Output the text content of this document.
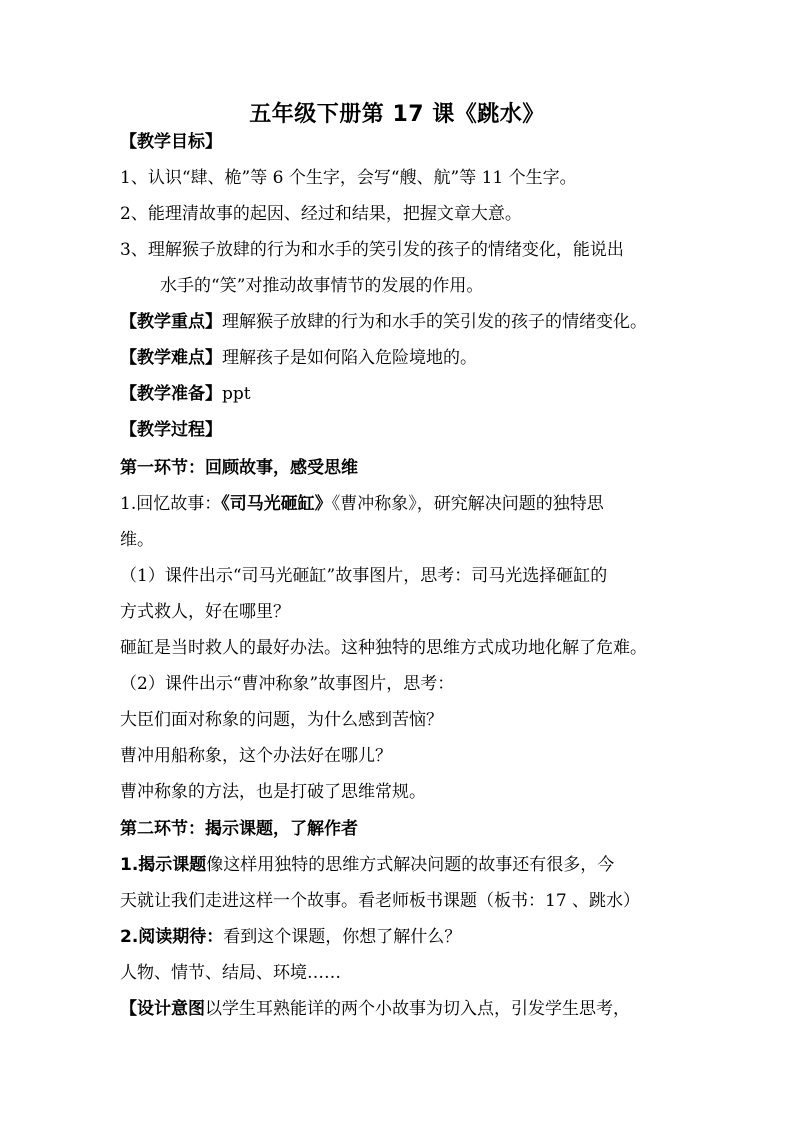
五年级下册第 17 课《跳水》
【教学目标】
1、认识“肆、桅”等 6 个生字，会写“艘、航”等 11 个生字。
2、能理清故事的起因、经过和结果，把握文章大意。
3、理解猴子放肆的行为和水手的笑引发的孩子的情绪变化，能说出
水手的“笑”对推动故事情节的发展的作用。
【教学重点】理解猴子放肆的行为和水手的笑引发的孩子的情绪变化。
【教学难点】理解孩子是如何陷入危险境地的。
【教学准备】ppt
【教学过程】
第一环节：回顾故事，感受思维
1.回忆故事：《司马光砸缸》《曹冲称象》，研究解决问题的独特思
维。
（1）课件出示“司马光砸缸”故事图片，思考：司马光选择砸缸的
方式救人，好在哪里？
砸缸是当时救人的最好办法。这种独特的思维方式成功地化解了危难。
（2）课件出示“曹冲称象”故事图片，思考：
大臣们面对称象的问题，为什么感到苦恼？
曹冲用船称象，这个办法好在哪儿？
曹冲称象的方法，也是打破了思维常规。
第二环节：揭示课题，了解作者
1.揭示课题像这样用独特的思维方式解决问题的故事还有很多，今
天就让我们走进这样一个故事。看老师板书课题（板书：17 、跳水）
2.阅读期待：看到这个课题，你想了解什么？
人物、情节、结局、环境……
【设计意图以学生耳熟能详的两个小故事为切入点，引发学生思考，
